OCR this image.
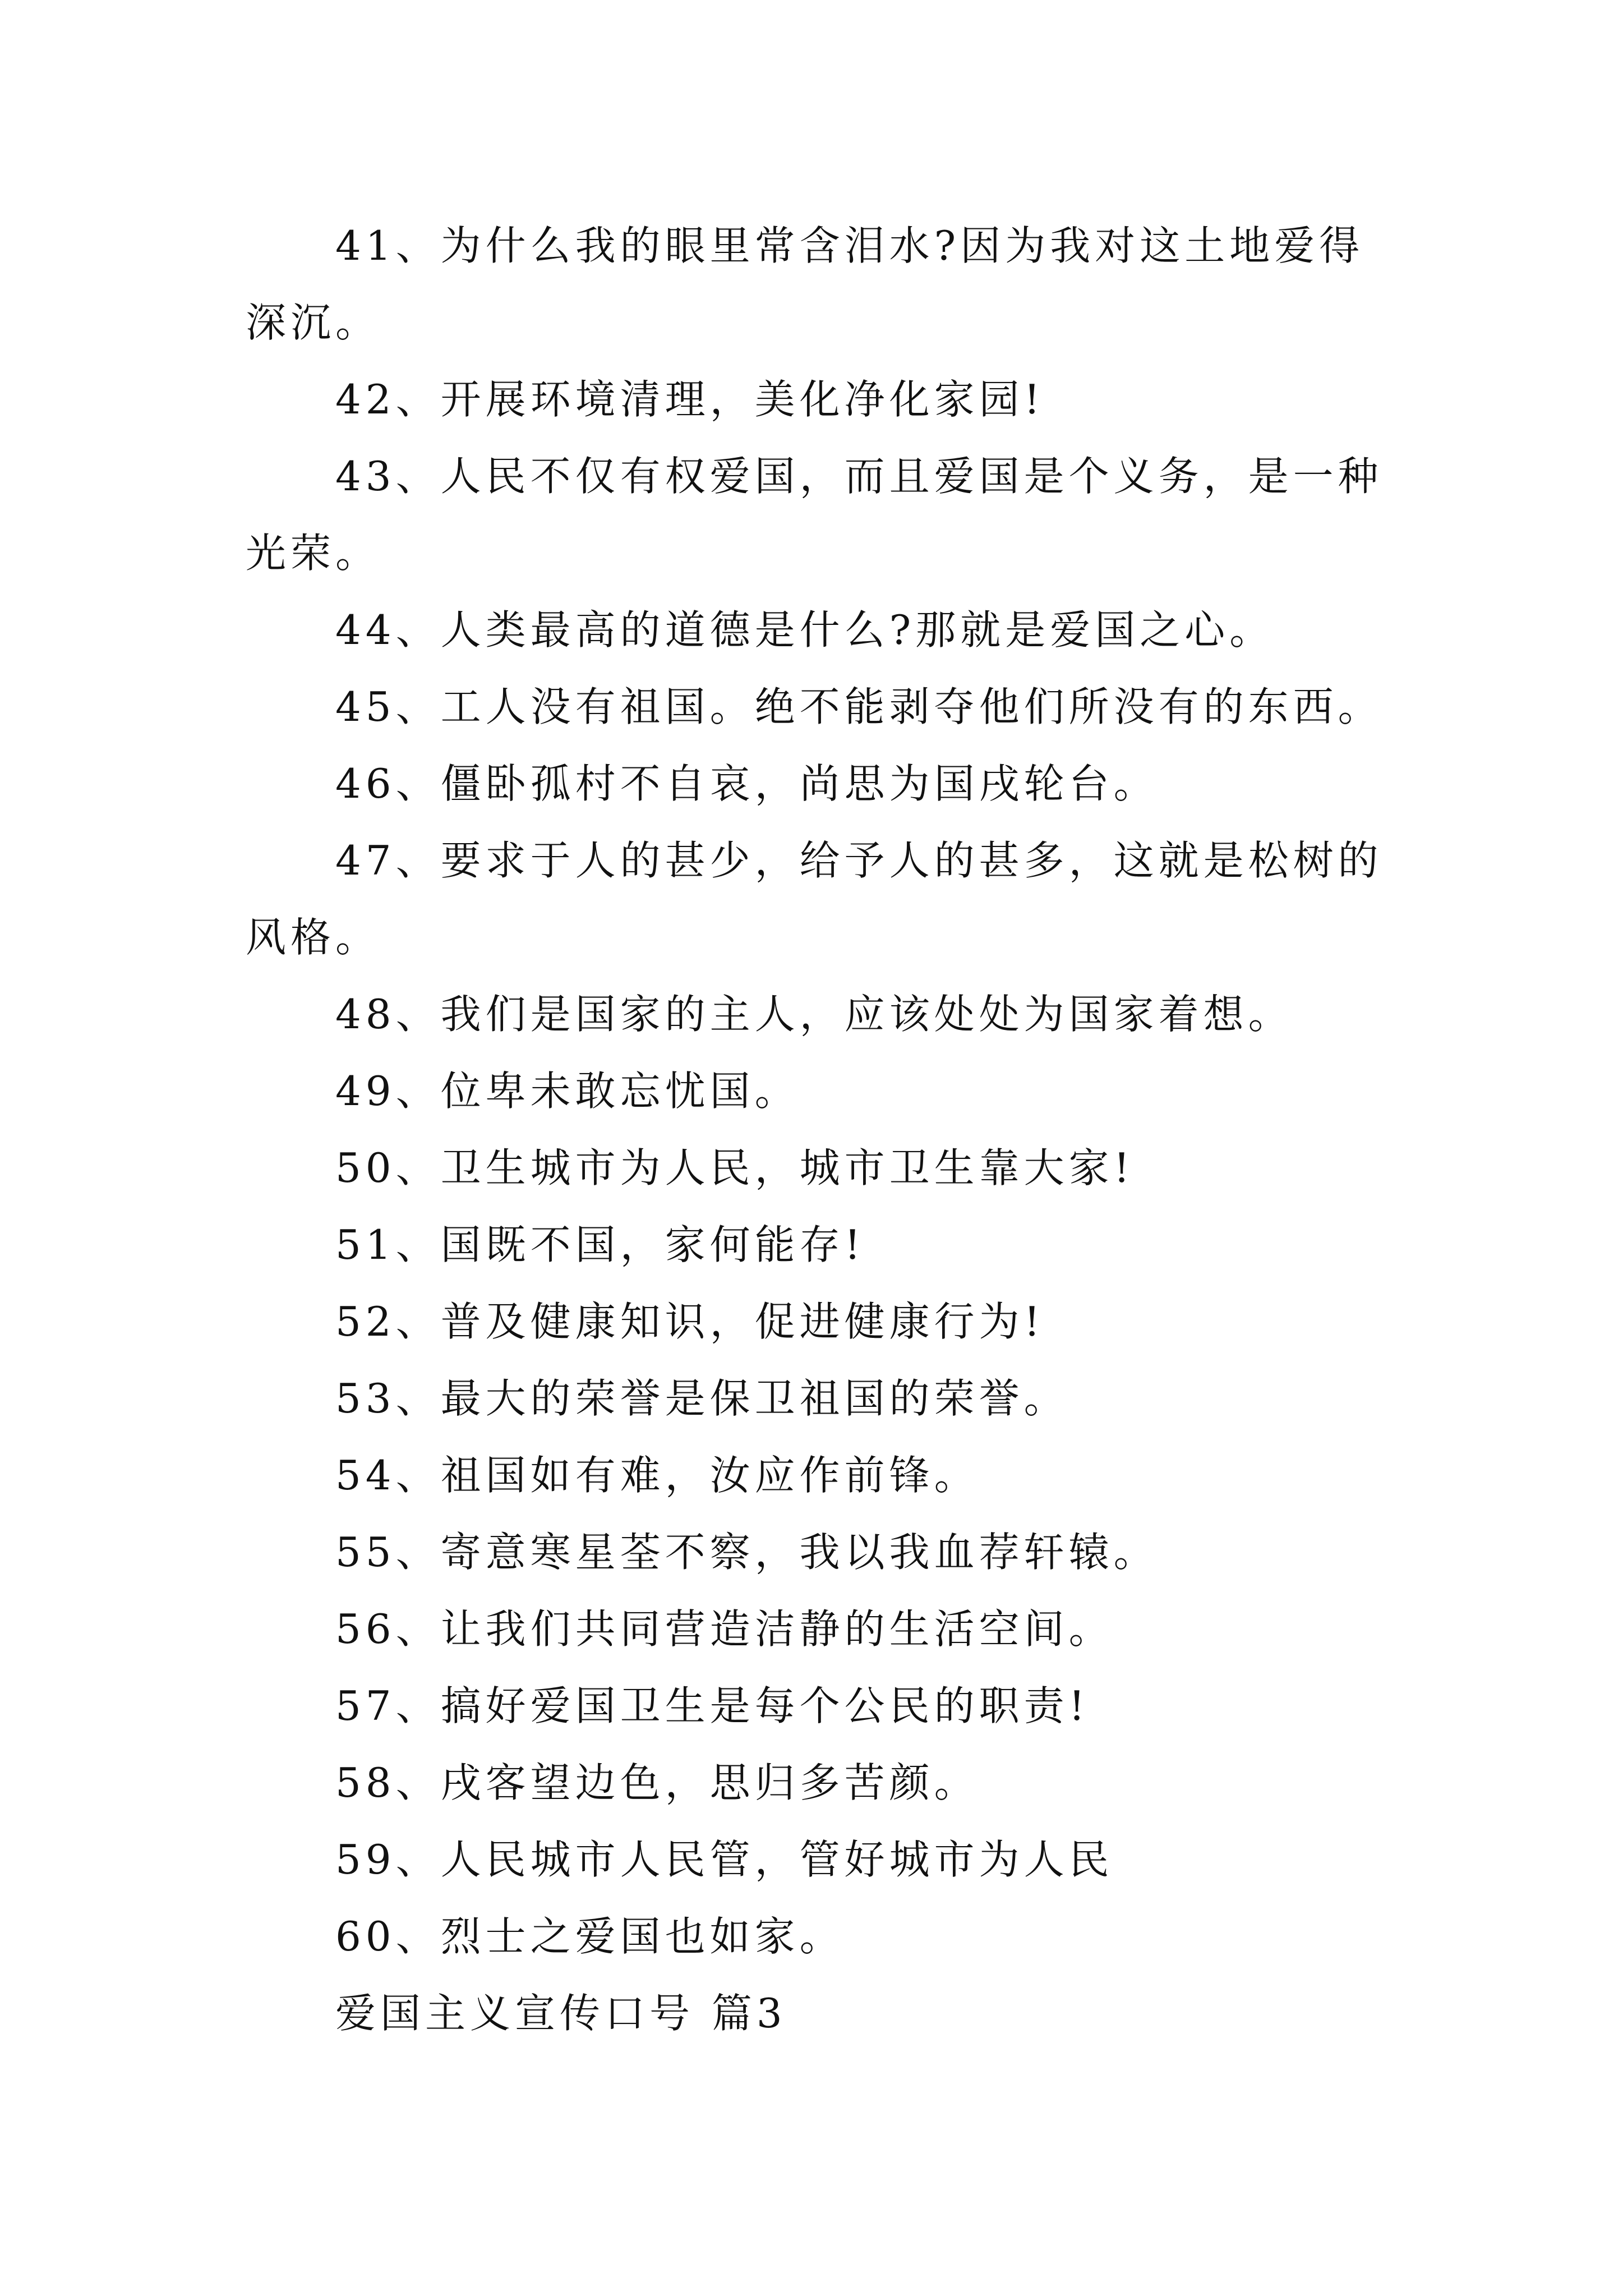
41、为什么我的眼里常含泪水?因为我对这土地爱得深沉。

42、开展环境清理，美化净化家园!

43、人民不仅有权爱国，而且爱国是个义务，是一种光荣。

44、人类最高的道德是什么?那就是爱国之心。

45、工人没有祖国。绝不能剥夺他们所没有的东西。

46、僵卧孤村不自哀，尚思为国戌轮台。

47、要求于人的甚少，给予人的甚多，这就是松树的风格。

48、我们是国家的主人，应该处处为国家着想。

49、位卑未敢忘忧国。

50、卫生城市为人民，城市卫生靠大家!

51、国既不国，家何能存!

52、普及健康知识，促进健康行为!

53、最大的荣誉是保卫祖国的荣誉。

54、祖国如有难，汝应作前锋。

55、寄意寒星荃不察，我以我血荐轩辕。

56、让我们共同营造洁静的生活空间。

57、搞好爱国卫生是每个公民的职责!

58、戌客望边色，思归多苦颜。

59、人民城市人民管，管好城市为人民

60、烈士之爱国也如家。

爱国主义宣传口号 篇3
